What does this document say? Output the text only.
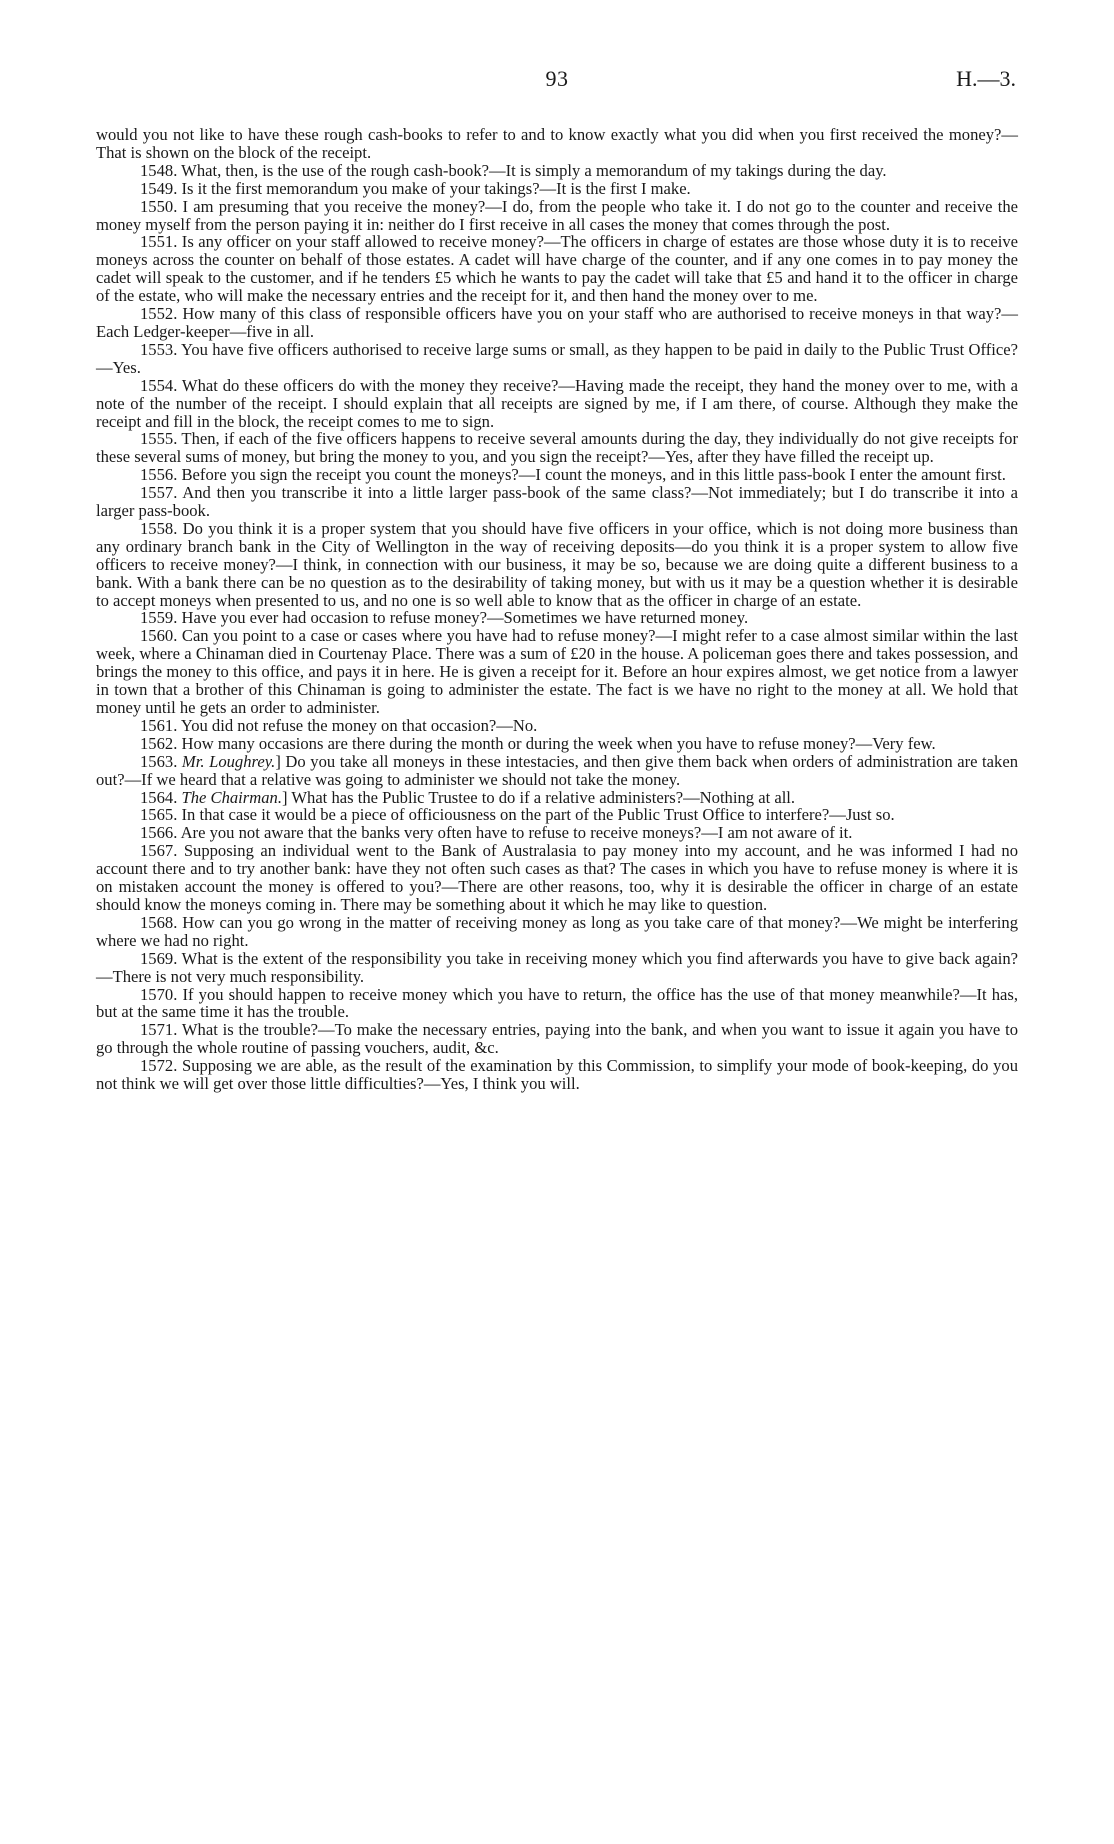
93	H.—3.

would you not like to have these rough cash-books to refer to and to know exactly what you did when you first received the money?—That is shown on the block of the receipt.

1548. What, then, is the use of the rough cash-book?—It is simply a memorandum of my takings during the day.

1549. Is it the first memorandum you make of your takings?—It is the first I make.

1550. I am presuming that you receive the money?—I do, from the people who take it. I do not go to the counter and receive the money myself from the person paying it in: neither do I first receive in all cases the money that comes through the post.

1551. Is any officer on your staff allowed to receive money?—The officers in charge of estates are those whose duty it is to receive moneys across the counter on behalf of those estates. A cadet will have charge of the counter, and if any one comes in to pay money the cadet will speak to the customer, and if he tenders £5 which he wants to pay the cadet will take that £5 and hand it to the officer in charge of the estate, who will make the necessary entries and the receipt for it, and then hand the money over to me.

1552. How many of this class of responsible officers have you on your staff who are authorised to receive moneys in that way?—Each Ledger-keeper—five in all.

1553. You have five officers authorised to receive large sums or small, as they happen to be paid in daily to the Public Trust Office?—Yes.

1554. What do these officers do with the money they receive?—Having made the receipt, they hand the money over to me, with a note of the number of the receipt. I should explain that all receipts are signed by me, if I am there, of course. Although they make the receipt and fill in the block, the receipt comes to me to sign.

1555. Then, if each of the five officers happens to receive several amounts during the day, they individually do not give receipts for these several sums of money, but bring the money to you, and you sign the receipt?—Yes, after they have filled the receipt up.

1556. Before you sign the receipt you count the moneys?—I count the moneys, and in this little pass-book I enter the amount first.

1557. And then you transcribe it into a little larger pass-book of the same class?—Not immediately; but I do transcribe it into a larger pass-book.

1558. Do you think it is a proper system that you should have five officers in your office, which is not doing more business than any ordinary branch bank in the City of Wellington in the way of receiving deposits—do you think it is a proper system to allow five officers to receive money?—I think, in connection with our business, it may be so, because we are doing quite a different business to a bank. With a bank there can be no question as to the desirability of taking money, but with us it may be a question whether it is desirable to accept moneys when presented to us, and no one is so well able to know that as the officer in charge of an estate.

1559. Have you ever had occasion to refuse money?—Sometimes we have returned money.

1560. Can you point to a case or cases where you have had to refuse money?—I might refer to a case almost similar within the last week, where a Chinaman died in Courtenay Place. There was a sum of £20 in the house. A policeman goes there and takes possession, and brings the money to this office, and pays it in here. He is given a receipt for it. Before an hour expires almost, we get notice from a lawyer in town that a brother of this Chinaman is going to administer the estate. The fact is we have no right to the money at all. We hold that money until he gets an order to administer.

1561. You did not refuse the money on that occasion?—No.

1562. How many occasions are there during the month or during the week when you have to refuse money?—Very few.

1563. Mr. Loughrey.] Do you take all moneys in these intestacies, and then give them back when orders of administration are taken out?—If we heard that a relative was going to administer we should not take the money.

1564. The Chairman.] What has the Public Trustee to do if a relative administers?—Nothing at all.

1565. In that case it would be a piece of officiousness on the part of the Public Trust Office to interfere?—Just so.

1566. Are you not aware that the banks very often have to refuse to receive moneys?—I am not aware of it.

1567. Supposing an individual went to the Bank of Australasia to pay money into my account, and he was informed I had no account there and to try another bank: have they not often such cases as that? The cases in which you have to refuse money is where it is on mistaken account the money is offered to you?—There are other reasons, too, why it is desirable the officer in charge of an estate should know the moneys coming in. There may be something about it which he may like to question.

1568. How can you go wrong in the matter of receiving money as long as you take care of that money?—We might be interfering where we had no right.

1569. What is the extent of the responsibility you take in receiving money which you find afterwards you have to give back again?—There is not very much responsibility.

1570. If you should happen to receive money which you have to return, the office has the use of that money meanwhile?—It has, but at the same time it has the trouble.

1571. What is the trouble?—To make the necessary entries, paying into the bank, and when you want to issue it again you have to go through the whole routine of passing vouchers, audit, &c.

1572. Supposing we are able, as the result of the examination by this Commission, to simplify your mode of book-keeping, do you not think we will get over those little difficulties?—Yes, I think you will.
